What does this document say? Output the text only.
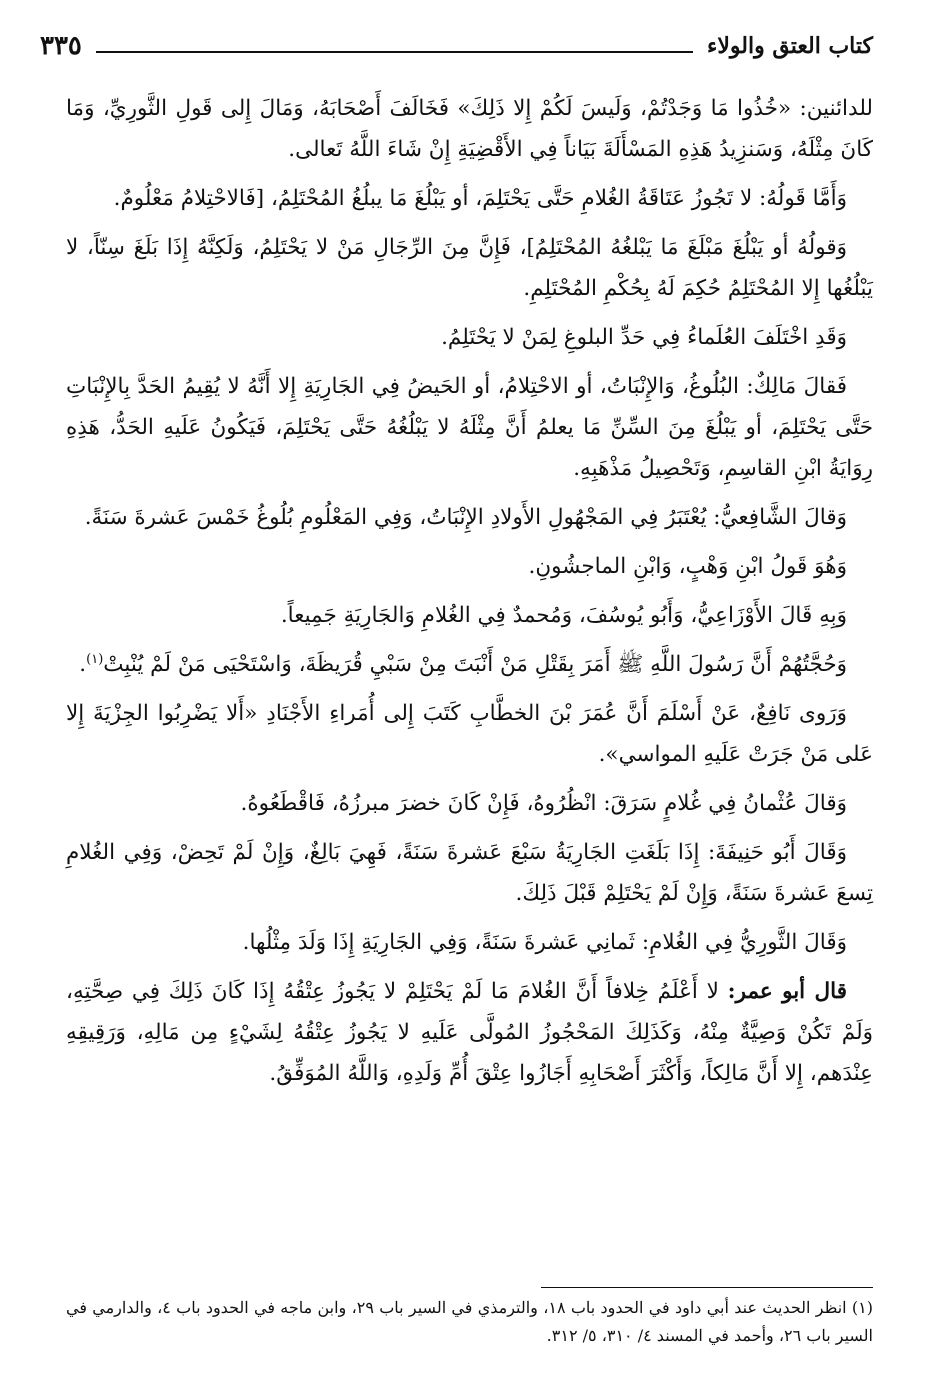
كتاب العتق والولاء
٣٣٥

للدائنين: «خُذُوا مَا وَجَدْتُمْ، وَلَيسَ لَكُمْ إِلا ذَلِكَ» فَخَالَفَ أَصْحَابَهُ، وَمَالَ إِلى قَولِ الثَّورِيِّ، وَمَا كَانَ مِثْلَهُ، وَسَنزِيدُ هَذِهِ المَسْأَلَةَ بَيَاناً فِي الأَقْضِيَةِ إِنْ شَاءَ اللَّهُ تَعالى.

وَأَمَّا قَولُهُ: لا تَجُوزُ عَتَاقَةُ الغُلامِ حَتَّى يَحْتَلِمَ، أو يَبْلُغَ مَا يبلُغُ المُحْتَلِمُ، [فَالاحْتِلامُ مَعْلُومٌ.

وَقولُهُ أو يَبْلُغَ مَبْلَغَ مَا يَبْلغُهُ المُحْتَلِمُ]، فَإِنَّ مِنَ الرِّجَالِ مَنْ لا يَحْتَلِمُ، وَلَكِنَّهُ إِذَا بَلَغَ سِنّاً، لا يَبْلُغُها إِلا المُحْتَلِمُ حُكِمَ لَهُ بِحُكْمِ المُحْتَلِمِ.

وَقَدِ اخْتَلَفَ العُلَماءُ فِي حَدِّ البلوغِ لِمَنْ لا يَحْتَلِمُ.

فَقالَ مَالِكٌ: البُلُوغُ، وَالإِنْبَاتُ، أو الاحْتِلامُ، أو الحَيضُ فِي الجَارِيَةِ إِلا أَنَّهُ لا يُقِيمُ الحَدَّ بِالإِنْبَاتِ حَتَّى يَحْتَلِمَ، أو يَبْلُغَ مِنَ السِّنِّ مَا يعلمُ أَنَّ مِثْلَهُ لا يَبْلُغُهُ حَتَّى يَحْتَلِمَ، فَيَكُونُ عَلَيهِ الحَدُّ، هَذِهِ رِوَايَةُ ابْنِ القاسِمِ، وَتَحْصِيلُ مَذْهَبِهِ.

وَقالَ الشَّافِعيُّ: يُعْتَبَرُ فِي المَجْهُولِ الأَولادِ الإِنْبَاتُ، وَفِي المَعْلُومِ بُلُوغُ خَمْسَ عَشرةَ سَنَةً.

وَهُوَ قَولُ ابْنِ وَهْبٍ، وَابْنِ الماجشُونِ.

وَبِهِ قَالَ الأَوْزَاعِيُّ، وَأَبُو يُوسُفَ، وَمُحمدٌ فِي الغُلامِ وَالجَارِيَةِ جَمِيعاً.

وَحُجَّتُهُمْ أَنَّ رَسُولَ اللَّهِ ﷺ أَمَرَ بِقَتْلِ مَنْ أَنْبَتَ مِنْ سَبْيِ قُرَيظَةَ، وَاسْتَحْيَى مَنْ لَمْ يُنْبِتْ$^{(١)}$.

وَرَوى نَافِعٌ، عَنْ أَسْلَمَ أَنَّ عُمَرَ بْنَ الخطَّابِ كَتَبَ إِلى أُمَراءِ الأَجْنَادِ «أَلا يَضْرِبُوا الجِزْيَةَ إِلا عَلى مَنْ جَرَتْ عَلَيهِ المواسي».

وَقالَ عُثْمانُ فِي غُلامٍ سَرَقَ: انْظُرُوهُ، فَإِنْ كَانَ خضرَ مبرزُهُ، فَاقْطَعُوهُ.

وَقَالَ أَبُو حَنِيفَةَ: إِذَا بَلَغَتِ الجَارِيَةُ سَبْعَ عَشرةَ سَنَةً، فَهِيَ بَالِغٌ، وَإِنْ لَمْ تَحِضْ، وَفِي الغُلامِ تِسعَ عَشرةَ سَنَةً، وَإِنْ لَمْ يَحْتَلِمْ قَبْلَ ذَلِكَ.

وَقَالَ الثَّورِيُّ فِي الغُلامِ: ثَمانِي عَشرةَ سَنَةً، وَفِي الجَارِيَةِ إِذَا وَلَدَ مِثْلُها.

قال أبو عمر: لا أَعْلَمُ خِلافاً أَنَّ الغُلامَ مَا لَمْ يَحْتَلِمْ لا يَجُوزُ عِتْقُهُ إِذَا كَانَ ذَلِكَ فِي صِحَّتِهِ، وَلَمْ تَكُنْ وَصِيَّةٌ مِنْهُ، وَكَذَلِكَ المَحْجُوزُ المُولَّى عَلَيهِ لا يَجُوزُ عِتْقُهُ لِشَيْءٍ مِن مَالِهِ، وَرَقِيقِهِ عِنْدَهم، إِلا أَنَّ مَالِكاً، وَأَكْثَرَ أَصْحَابِهِ أَجَازُوا عِتْقَ أُمِّ وَلَدِهِ، وَاللَّهُ المُوَفِّقُ.

(١) انظر الحديث عند أبي داود في الحدود باب ١٨، والترمذي في السير باب ٢٩، وابن ماجه في الحدود باب ٤، والدارمي في السير باب ٢٦، وأحمد في المسند ٤/ ٣١٠، ٥/ ٣١٢.
